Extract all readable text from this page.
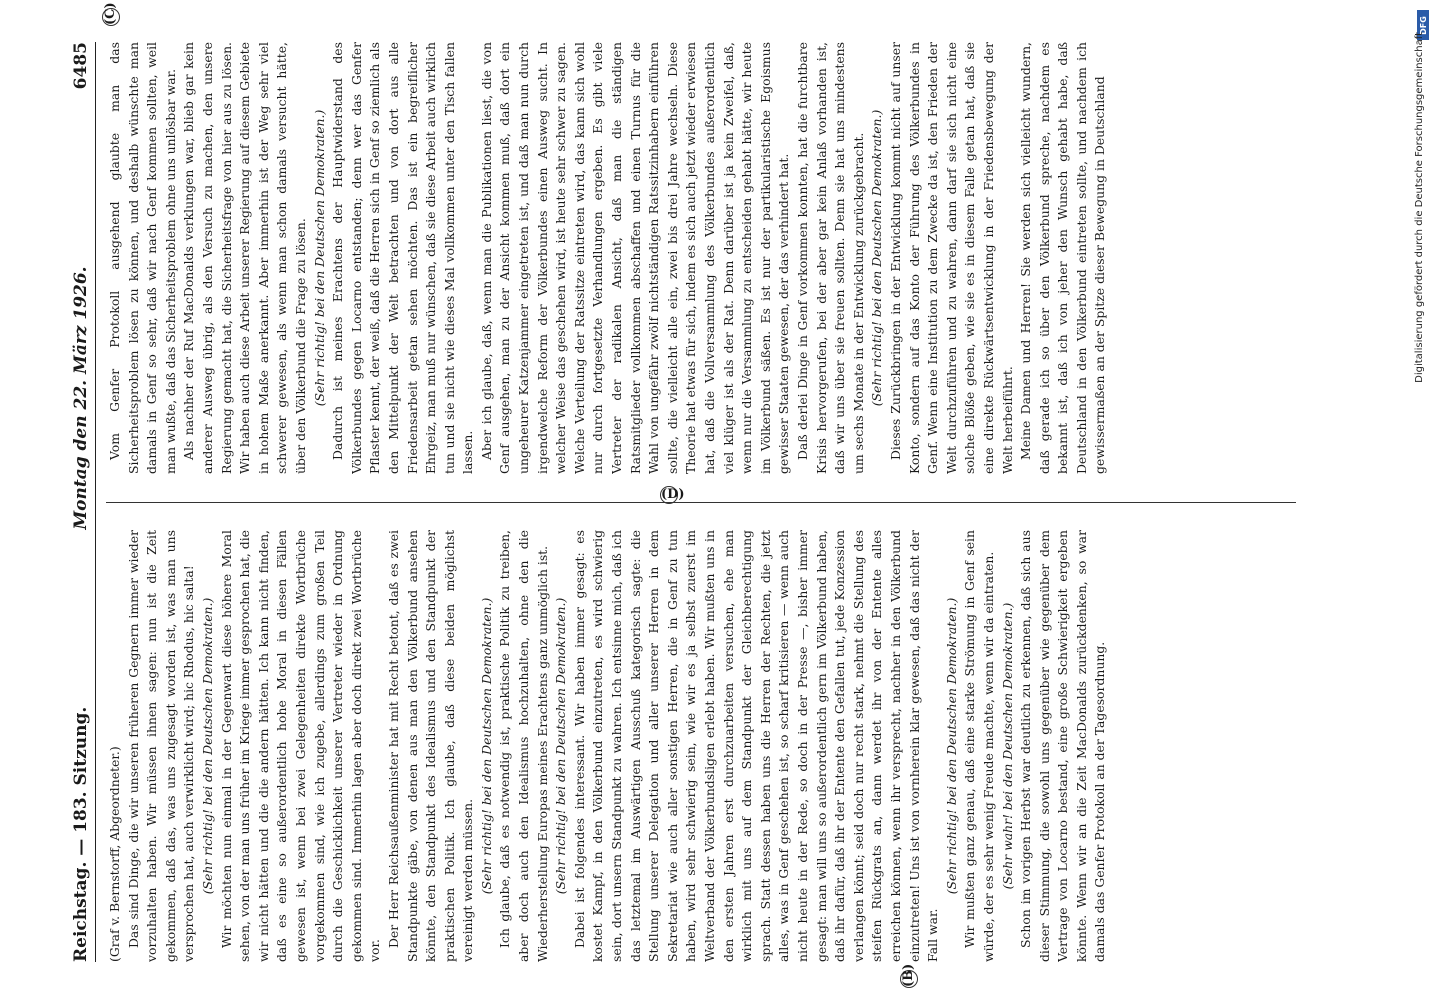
Reichstag. — 183. Sitzung.
Montag den 22. März 1926.
6485

(Graf v. Bernstorff, Abgeordneter.) Das sind Dinge, die wir unseren früheren Gegnern immer wieder vorzuhalten haben. Wir müssen ihnen sagen: nun ist die Zeit gekommen, daß das, was uns zugesagt worden ist, was man uns versprochen hat, auch verwirklicht wird; hic Rhodus, hic salta! (Sehr richtig! bei den Deutschen Demokraten.) Wir möchten nun einmal in der Gegenwart diese höhere Moral sehen, von der man uns früher im Kriege immer gesprochen hat, die wir nicht hätten und die die andern hätten. Ich kann nicht finden, daß es eine so außerordentlich hohe Moral in diesen Fällen gewesen ist, wenn bei zwei Gelegenheiten direkte Wortbrüche vorgekommen sind, wie ich zugebe, allerdings zum großen Teil durch die Geschicklichkeit unserer Vertreter wieder in Ordnung gekommen sind. Immerhin lagen aber doch direkt zwei Wortbrüche vor.

Der Herr Reichsaußenminister hat mit Recht betont, daß es zwei Standpunkte gäbe, von denen aus man den Völkerbund ansehen könnte, den Standpunkt des Idealismus und den Standpunkt der praktischen Politik. Ich glaube, daß diese beiden möglichst vereinigt werden müssen. (Sehr richtig! bei den Deutschen Demokraten.) Ich glaube, daß es notwendig ist, praktische Politik zu treiben, aber doch auch den Idealismus hochzuhalten, ohne den die Wiederherstellung Europas meines Erachtens ganz unmöglich ist. (Sehr richtig! bei den Deutschen Demokraten.) Dabei ist folgendes interessant. Wir haben immer gesagt: es kostet Kampf, in den Völkerbund einzutreten, es wird schwierig sein, dort unsern Standpunkt zu wahren. Ich entsinne mich, daß ich das letztemal im Auswärtigen Ausschuß kategorisch sagte: die Stellung unserer Delegation und aller unserer Herren in dem Sekretariat wie auch aller sonstigen Herren, die in Genf zu tun haben, wird sehr schwierig sein, wie wir es ja selbst zuerst im Weltverband der Völkerbundsligen erlebt haben. Wir mußten uns in den ersten Jahren erst durchzuarbeiten versuchen, ehe man wirklich mit uns auf dem Standpunkt der Gleichberechtigung sprach. Statt dessen haben uns die Herren der Rechten, die jetzt alles, was in Genf geschehen ist, so scharf kritisieren — wenn auch nicht heute in der Rede, so doch in der Presse —, bisher immer gesagt: man will uns so außerordentlich gern im Völkerbund haben, daß ihr dafür, daß ihr der Entente den Gefallen tut, jede Konzession verlangen könnt; seid doch nur recht stark, nehmt die Stellung des steifen Rückgrats an, dann werdet ihr von der Entente alles erreichen können, wenn ihr versprecht, nachher in den Völkerbund einzutreten! Uns ist von vornherein klar gewesen, daß das nicht der Fall war.

(Sehr richtig! bei den Deutschen Demokraten.) Wir mußten ganz genau, daß eine starke Strömung in Genf sein würde, der es sehr wenig Freude machte, wenn wir da eintraten. (Sehr wahr! bei den Deutschen Demokraten.) Schon im vorigen Herbst war deutlich zu erkennen, daß sich aus dieser Stimmung, die sowohl uns gegenüber wie gegenüber dem Vertrage von Locarno bestand, eine große Schwierigkeit ergeben könnte. Wenn wir an die Zeit MacDonalds zurückdenken, so war damals das Genfer Protokoll an der Tagesordnung.

Vom Genfer Protokoll ausgehend glaubte man das Sicherheitsproblem lösen zu können, und deshalb wünschte man damals in Genf so sehr, daß wir nach Genf kommen sollten, weil man wußte, daß das Sicherheitsproblem ohne uns unlösbar war. Als nachher der Ruf MacDonalds verklungen war, blieb gar kein anderer Ausweg übrig, als den Versuch zu machen, den unsere Regierung gemacht hat, die Sicherheitsfrage von hier aus zu lösen. Wir haben auch diese Arbeit unserer Regierung auf diesem Gebiete in hohem Maße anerkannt. Aber immerhin ist der Weg sehr viel schwerer gewesen, als wenn man schon damals versucht hätte, über den Völkerbund die Frage zu lösen. (Sehr richtig! bei den Deutschen Demokraten.) Dadurch ist meines Erachtens der Hauptwiderstand des Völkerbundes gegen Locarno entstanden; denn wer das Genfer Pflaster kennt, der weiß, daß die Herren sich in Genf so ziemlich als den Mittelpunkt der Welt betrachten und von dort aus alle Friedensarbeit getan sehen möchten. Das ist ein begreiflicher Ehrgeiz, man muß nur wünschen, daß sie diese Arbeit auch wirklich tun und sie nicht wie dieses Mal vollkommen unter den Tisch fallen lassen. Aber ich glaube, daß, wenn man die Publikationen liest, die von Genf ausgehen, man zu der Ansicht kommen muß, daß dort ein ungeheurer Katzenjammer eingetreten ist, und daß man nun durch irgendwelche Reform der Völkerbundes einen Ausweg sucht. In welcher Weise das geschehen wird, ist heute sehr schwer zu sagen. Welche Verteilung der Ratssitze eintreten wird, das kann sich wohl nur durch fortgesetzte Verhandlungen ergeben. Es gibt viele Vertreter der radikalen Ansicht, daß man die ständigen Ratsmitglieder vollkommen abschaffen und einen Turnus für die Wahl von ungefähr zwölf nichtständigen Ratssitzinhabern einführen sollte, die vielleicht alle ein, zwei bis drei Jahre wechseln. Diese Theorie hat etwas für sich, indem es sich auch jetzt wieder erwiesen hat, daß die Vollversammlung des Völkerbundes außerordentlich viel klüger ist als der Rat. Denn darüber ist ja kein Zweifel, daß, wenn nur die Versammlung zu entscheiden gehabt hätte, wir heute im Völkerbund säßen. Es ist nur der partikularistische Egoismus gewisser Staaten gewesen, der das verhindert hat. Daß derlei Dinge in Genf vorkommen konnten, hat die furchtbare Krisis hervorgerufen, bei der aber gar kein Anlaß vorhanden ist, daß wir uns über sie freuen sollten. Denn sie hat uns mindestens um sechs Monate in der Entwicklung zurückgebracht. (Sehr richtig! bei den Deutschen Demokraten.) Dieses Zurückbringen in der Entwicklung kommt nicht auf unser Konto, sondern auf das Konto der Führung des Völkerbundes in Genf. Wenn eine Institution zu dem Zwecke da ist, den Frieden der Welt durchzuführen und zu wahren, dann darf sie sich nicht eine solche Blöße geben, wie sie es in diesem Falle getan hat, daß sie eine direkte Rückwärtsentwicklung in der Friedensbewegung der Welt herbeiführt. Meine Damen und Herren! Sie werden sich vielleicht wundern, daß gerade ich so über den Völkerbund spreche, nachdem es bekannt ist, daß ich von jeher den Wunsch gehabt habe, daß Deutschland in den Völkerbund eintreten sollte, und nachdem ich gewissermaßen an der Spitze dieser Bewegung in Deutschland

(B)
(C)
(D)
DFG
Digitalisierung gefördert durch die Deutsche Forschungsgemeinschaft
